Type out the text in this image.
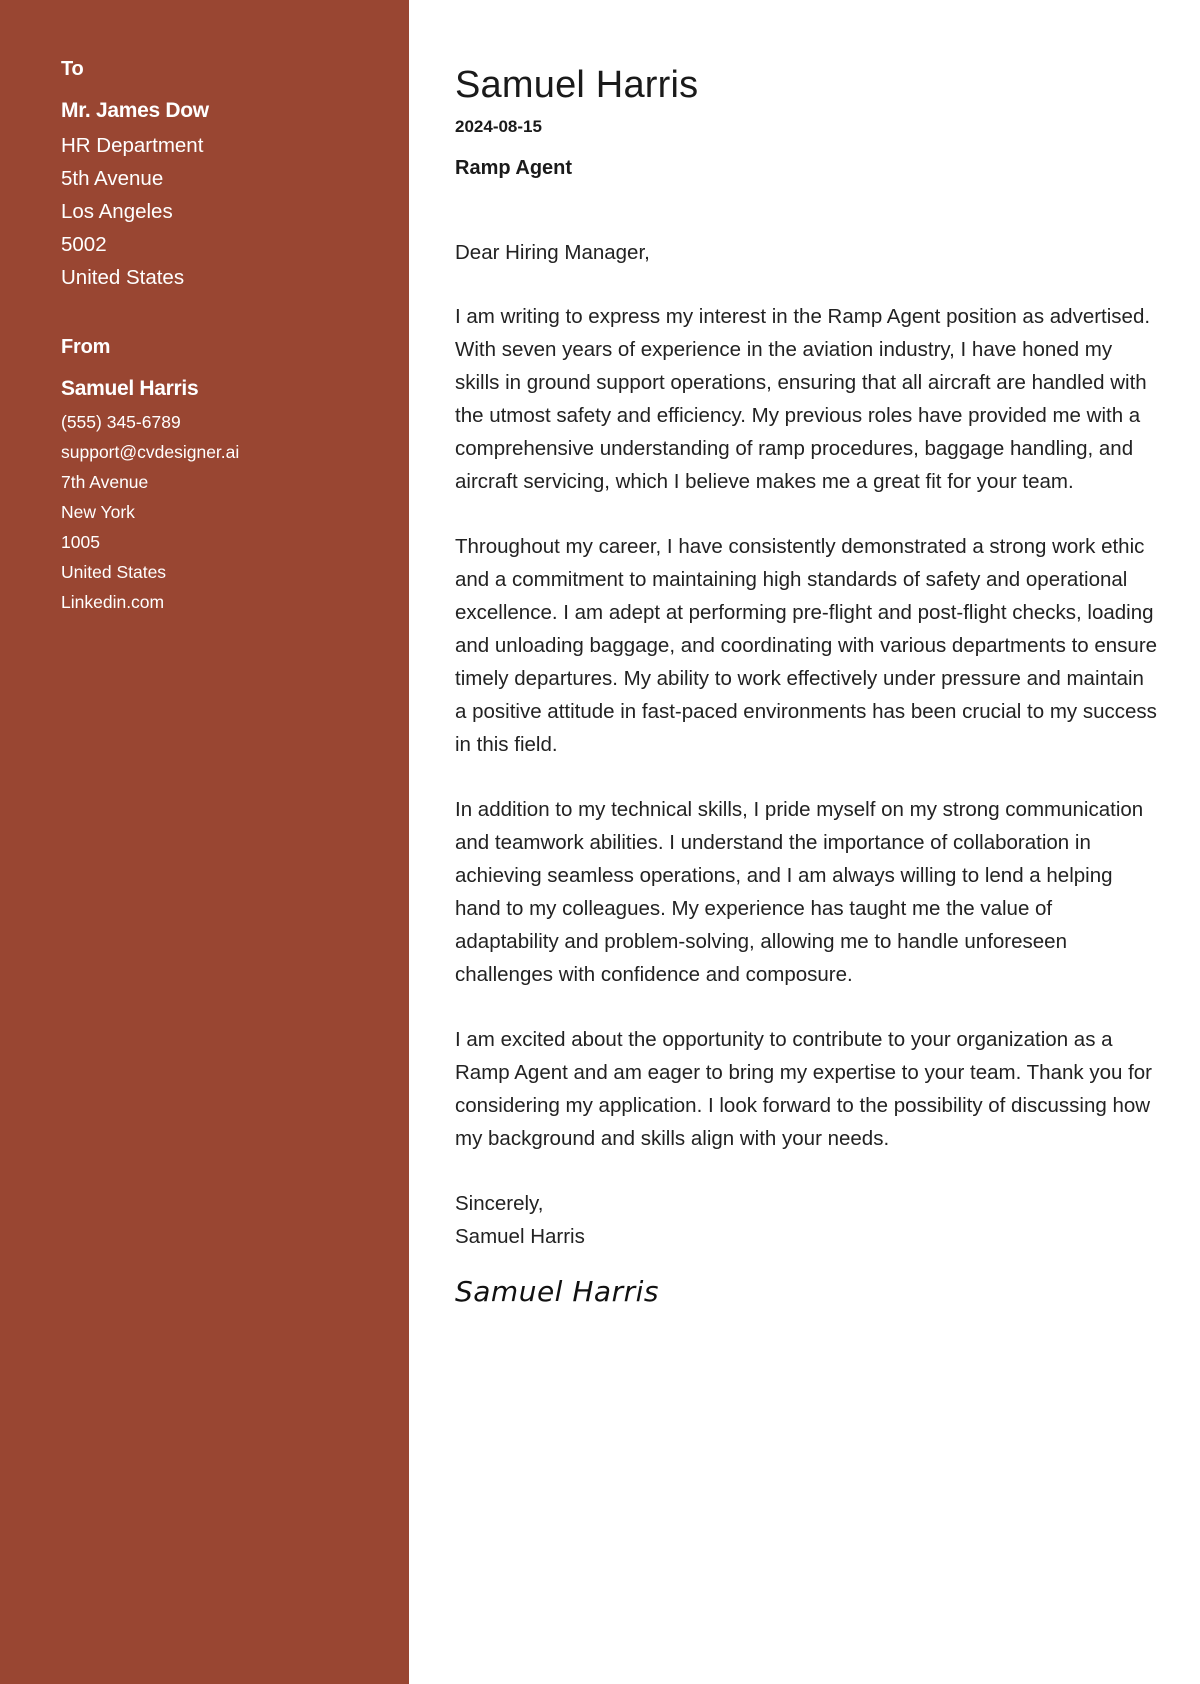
To
Mr. James Dow
HR Department
5th Avenue
Los Angeles
5002
United States
From
Samuel Harris
(555) 345-6789
support@cvdesigner.ai
7th Avenue
New York
1005
United States
Linkedin.com
Samuel Harris
2024-08-15
Ramp Agent

Dear Hiring Manager,

I am writing to express my interest in the Ramp Agent position as advertised. With seven years of experience in the aviation industry, I have honed my skills in ground support operations, ensuring that all aircraft are handled with the utmost safety and efficiency. My previous roles have provided me with a comprehensive understanding of ramp procedures, baggage handling, and aircraft servicing, which I believe makes me a great fit for your team.

Throughout my career, I have consistently demonstrated a strong work ethic and a commitment to maintaining high standards of safety and operational excellence. I am adept at performing pre-flight and post-flight checks, loading and unloading baggage, and coordinating with various departments to ensure timely departures. My ability to work effectively under pressure and maintain a positive attitude in fast-paced environments has been crucial to my success in this field.

In addition to my technical skills, I pride myself on my strong communication and teamwork abilities. I understand the importance of collaboration in achieving seamless operations, and I am always willing to lend a helping hand to my colleagues. My experience has taught me the value of adaptability and problem-solving, allowing me to handle unforeseen challenges with confidence and composure.

I am excited about the opportunity to contribute to your organization as a Ramp Agent and am eager to bring my expertise to your team. Thank you for considering my application. I look forward to the possibility of discussing how my background and skills align with your needs.

Sincerely,

Samuel Harris

Samuel Harris
